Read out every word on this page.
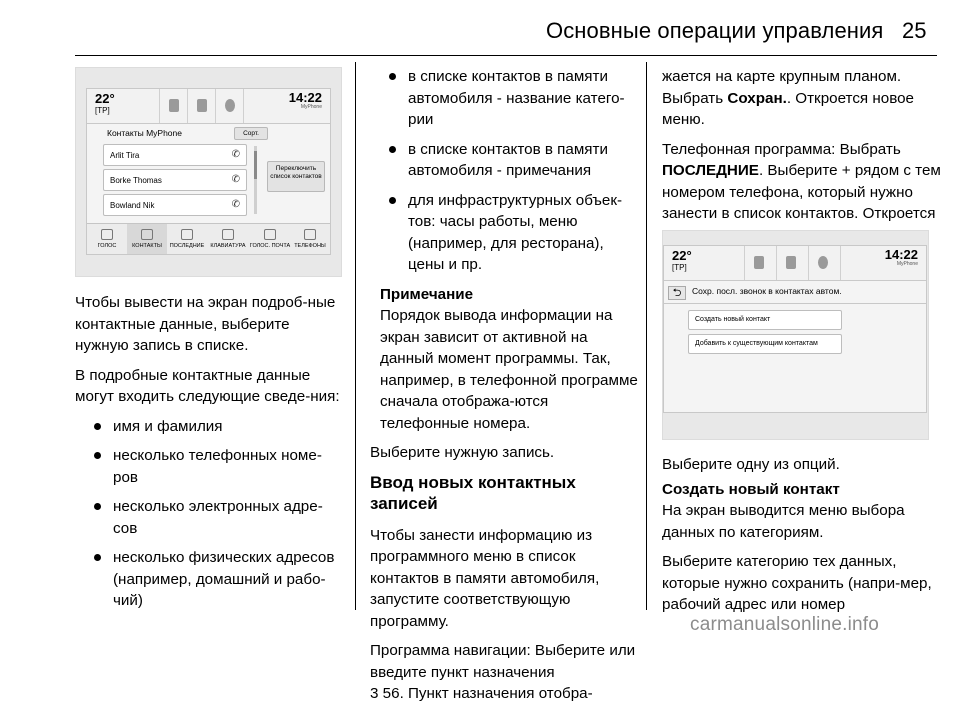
Основные операции управления 25
22°
[TP]
14:22
MyPhone
Контакты MyPhone	Сорт.
Arlit Tira	✆
Borke Thomas	✆
Bowland Nik	✆
Переключить список контактов
ГОЛОС	КОНТАКТЫ	ПОСЛЕДНИЕ	КЛАВИАТУРА ГОЛОС. ПОЧТА ТЕЛЕФОНЫ

Чтобы вывести на экран подроб-ные контактные данные, выберите нужную запись в списке.

В подробные контактные данные могут входить следующие сведе-ния:

имя и фамилия
несколько телефонных номе-ров
несколько электронных адре-сов
несколько физических адресов (например, домашний и рабо-чий)
в списке контактов в памяти автомобиля - название катего-рии
в списке контактов в памяти автомобиля - примечания
для инфраструктурных объек-тов: часы работы, меню (например, для ресторана), цены и пр.
Примечание
Порядок вывода информации на экран зависит от активной на данный момент программы. Так, например, в телефонной программе сначала отобража-ются телефонные номера.

Выберите нужную запись.

Ввод новых контактных записей

Чтобы занести информацию из программного меню в список контактов в памяти автомобиля, запустите соответствующую программу.

Программа навигации: Выберите или введите пункт назначения
3 56. Пункт назначения отобра-

жается на карте крупным планом. Выбрать Сохран.. Откроется новое меню.

Телефонная программа: Выбрать ПОСЛЕДНИЕ. Выберите + рядом с тем номером телефона, который нужно занести в список контактов. Откроется

22°
[TP]
14:22
MyPhone
⮌	Сохр. посл. звонок в контактах автом.
Создать новый контакт
Добавить к существующим контактам

Выберите одну из опций.

Создать новый контакт

На экран выводится меню выбора данных по категориям.

Выберите категорию тех данных, которые нужно сохранить (напри-мер, рабочий адрес или номер

carmanualsonline.info
